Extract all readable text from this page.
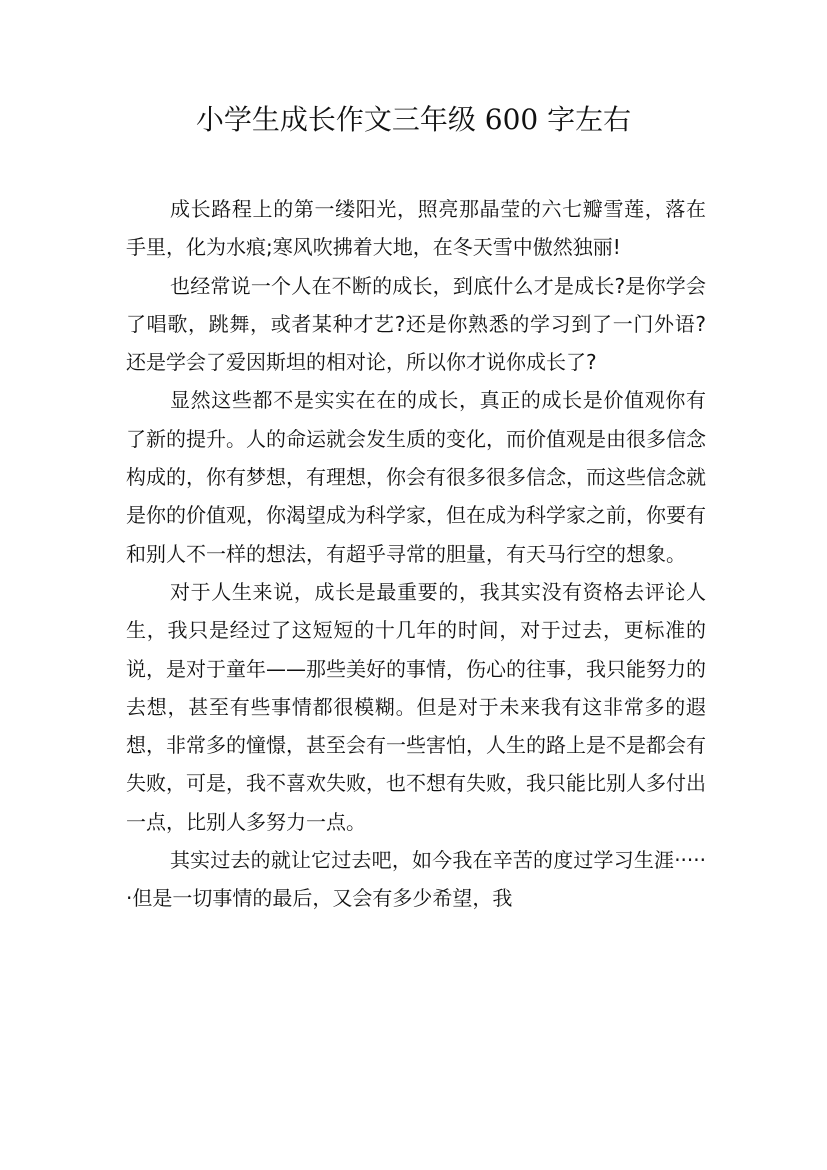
小学生成长作文三年级 600 字左右

成长路程上的第一缕阳光，照亮那晶莹的六七瓣雪莲，落在手里，化为水痕;寒风吹拂着大地，在冬天雪中傲然独丽!

也经常说一个人在不断的成长，到底什么才是成长?是你学会了唱歌，跳舞，或者某种才艺?还是你熟悉的学习到了一门外语?还是学会了爱因斯坦的相对论，所以你才说你成长了?

显然这些都不是实实在在的成长，真正的成长是价值观你有了新的提升。人的命运就会发生质的变化，而价值观是由很多信念构成的，你有梦想，有理想，你会有很多很多信念，而这些信念就是你的价值观，你渴望成为科学家，但在成为科学家之前，你要有和别人不一样的想法，有超乎寻常的胆量，有天马行空的想象。

对于人生来说，成长是最重要的，我其实没有资格去评论人生，我只是经过了这短短的十几年的时间，对于过去，更标准的说，是对于童年——那些美好的事情，伤心的往事，我只能努力的去想，甚至有些事情都很模糊。但是对于未来我有这非常多的遐想，非常多的憧憬，甚至会有一些害怕，人生的路上是不是都会有失败，可是，我不喜欢失败，也不想有失败，我只能比别人多付出一点，比别人多努力一点。

其实过去的就让它过去吧，如今我在辛苦的度过学习生涯······但是一切事情的最后，又会有多少希望，我
